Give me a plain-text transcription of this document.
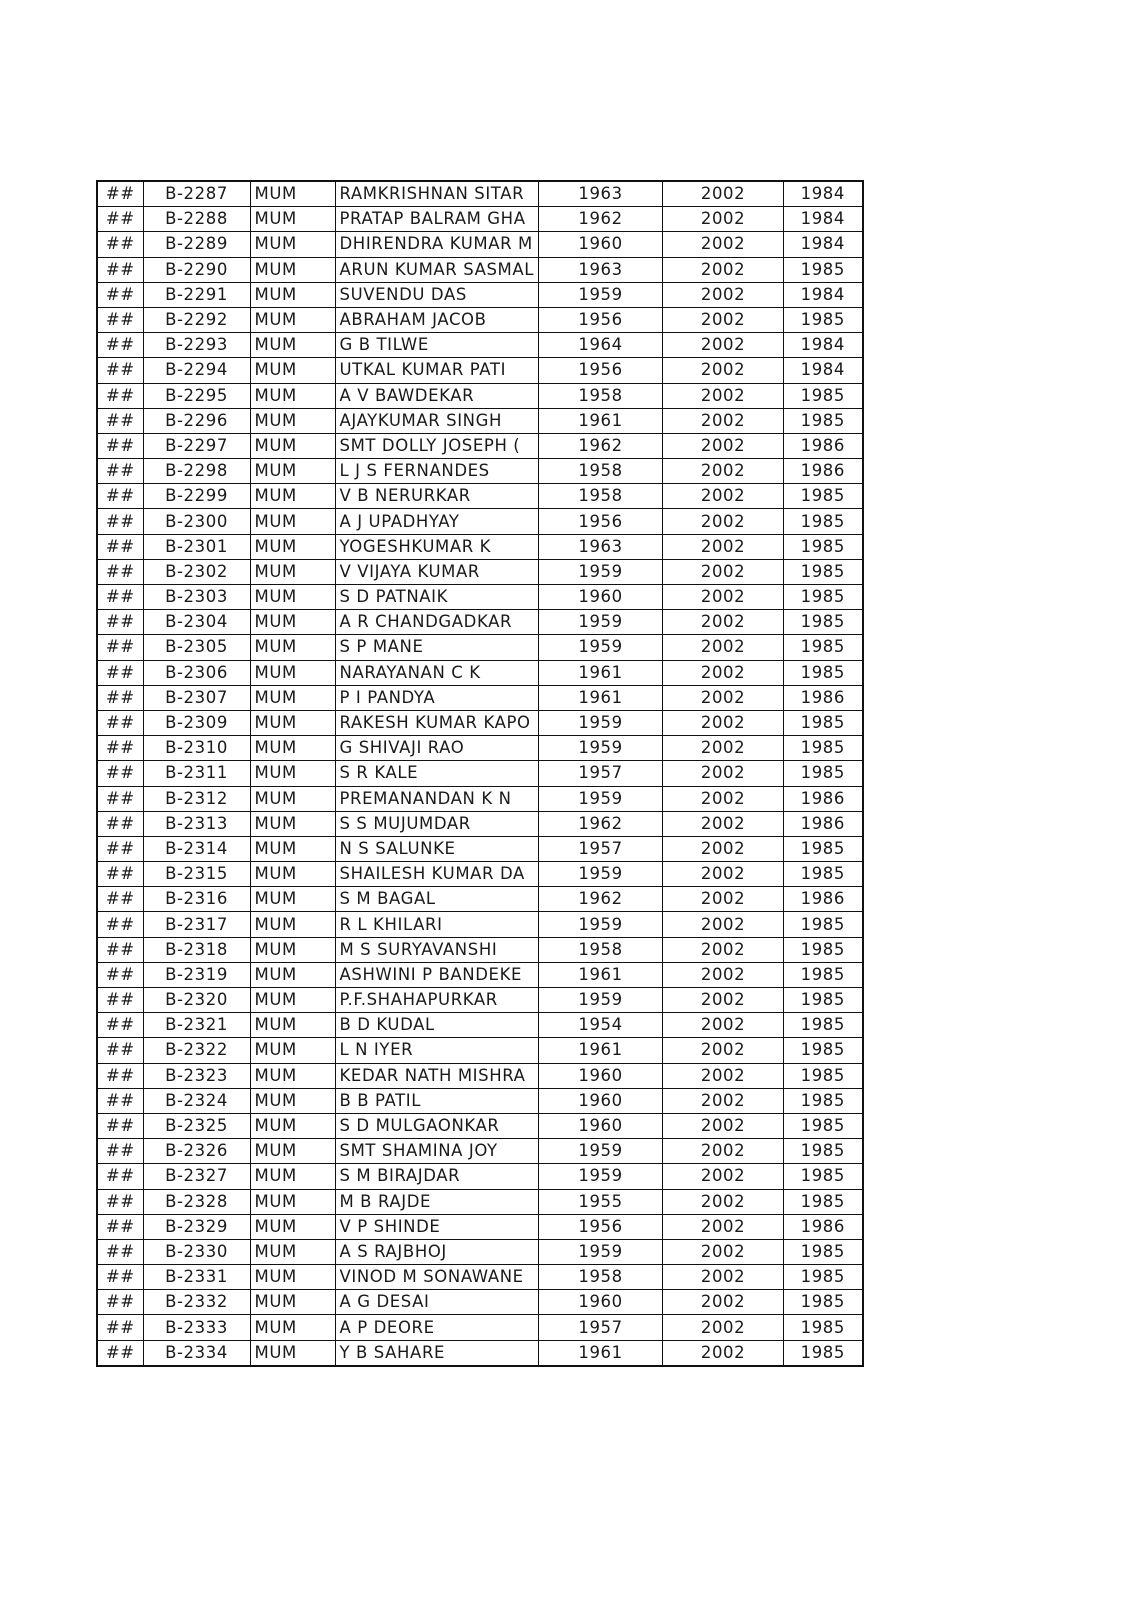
##	B-2287	MUM	RAMKRISHNAN SITAR	1963	2002	1984
##	B-2288	MUM	PRATAP BALRAM GHA	1962	2002	1984
##	B-2289	MUM	DHIRENDRA KUMAR M	1960	2002	1984
##	B-2290	MUM	ARUN KUMAR SASMAL	1963	2002	1985
##	B-2291	MUM	SUVENDU DAS	1959	2002	1984
##	B-2292	MUM	ABRAHAM JACOB	1956	2002	1985
##	B-2293	MUM	G B TILWE	1964	2002	1984
##	B-2294	MUM	UTKAL KUMAR PATI	1956	2002	1984
##	B-2295	MUM	A V BAWDEKAR	1958	2002	1985
##	B-2296	MUM	AJAYKUMAR SINGH	1961	2002	1985
##	B-2297	MUM	SMT DOLLY JOSEPH (	1962	2002	1986
##	B-2298	MUM	L J S FERNANDES	1958	2002	1986
##	B-2299	MUM	V B NERURKAR	1958	2002	1985
##	B-2300	MUM	A J UPADHYAY	1956	2002	1985
##	B-2301	MUM	YOGESHKUMAR K	1963	2002	1985
##	B-2302	MUM	V VIJAYA KUMAR	1959	2002	1985
##	B-2303	MUM	S D PATNAIK	1960	2002	1985
##	B-2304	MUM	A R CHANDGADKAR	1959	2002	1985
##	B-2305	MUM	S P MANE	1959	2002	1985
##	B-2306	MUM	NARAYANAN C K	1961	2002	1985
##	B-2307	MUM	P I PANDYA	1961	2002	1986
##	B-2309	MUM	RAKESH KUMAR KAPO	1959	2002	1985
##	B-2310	MUM	G SHIVAJI RAO	1959	2002	1985
##	B-2311	MUM	S R KALE	1957	2002	1985
##	B-2312	MUM	PREMANANDAN K N	1959	2002	1986
##	B-2313	MUM	S S MUJUMDAR	1962	2002	1986
##	B-2314	MUM	N S SALUNKE	1957	2002	1985
##	B-2315	MUM	SHAILESH KUMAR DA	1959	2002	1985
##	B-2316	MUM	S M BAGAL	1962	2002	1986
##	B-2317	MUM	R L KHILARI	1959	2002	1985
##	B-2318	MUM	M S SURYAVANSHI	1958	2002	1985
##	B-2319	MUM	ASHWINI P BANDEKE	1961	2002	1985
##	B-2320	MUM	P.F.SHAHAPURKAR	1959	2002	1985
##	B-2321	MUM	B D KUDAL	1954	2002	1985
##	B-2322	MUM	L N IYER	1961	2002	1985
##	B-2323	MUM	KEDAR NATH MISHRA	1960	2002	1985
##	B-2324	MUM	B B PATIL	1960	2002	1985
##	B-2325	MUM	S D MULGAONKAR	1960	2002	1985
##	B-2326	MUM	SMT SHAMINA JOY	1959	2002	1985
##	B-2327	MUM	S M BIRAJDAR	1959	2002	1985
##	B-2328	MUM	M B RAJDE	1955	2002	1985
##	B-2329	MUM	V P SHINDE	1956	2002	1986
##	B-2330	MUM	A S RAJBHOJ	1959	2002	1985
##	B-2331	MUM	VINOD M SONAWANE	1958	2002	1985
##	B-2332	MUM	A G DESAI	1960	2002	1985
##	B-2333	MUM	A P DEORE	1957	2002	1985
##	B-2334	MUM	Y B SAHARE	1961	2002	1985
